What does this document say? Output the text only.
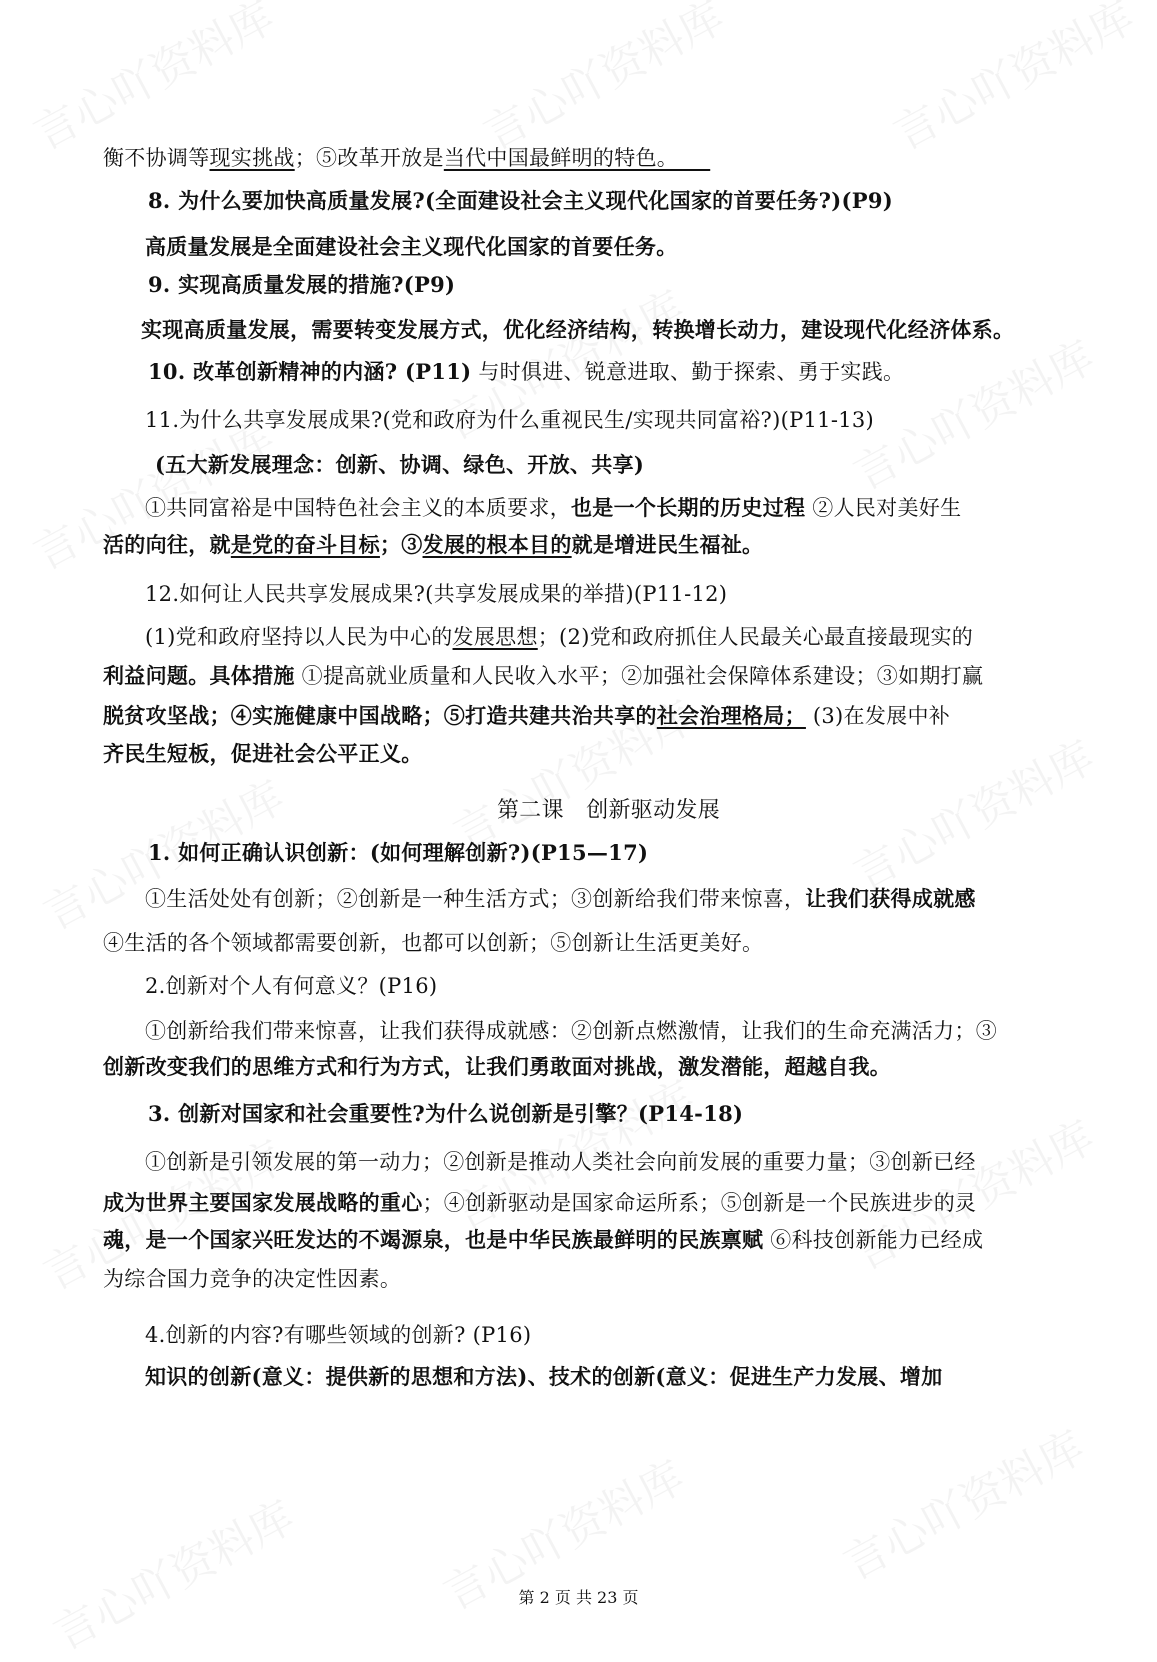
衡不协调等现实挑战；⑤改革开放是当代中国最鲜明的特色。　　
8. 为什么要加快高质量发展?(全面建设社会主义现代化国家的首要任务?)(P9)
高质量发展是全面建设社会主义现代化国家的首要任务。
9. 实现高质量发展的措施?(P9)
实现高质量发展，需要转变发展方式，优化经济结构，转换增长动力，建设现代化经济体系。
10. 改革创新精神的内涵? (P11) 与时俱进、锐意进取、勤于探索、勇于实践。
11.为什么共享发展成果?(党和政府为什么重视民生/实现共同富裕?)(P11-13)
(五大新发展理念：创新、协调、绿色、开放、共享)
①共同富裕是中国特色社会主义的本质要求，也是一个长期的历史过程 ②人民对美好生
活的向往，就是党的奋斗目标；③发展的根本目的就是增进民生福祉。
12.如何让人民共享发展成果?(共享发展成果的举措)(P11-12)
(1)党和政府坚持以人民为中心的发展思想；(2)党和政府抓住人民最关心最直接最现实的
利益问题。具体措施 ①提高就业质量和人民收入水平；②加强社会保障体系建设；③如期打赢
脱贫攻坚战；④实施健康中国战略；⑤打造共建共治共享的社会治理格局； (3)在发展中补
齐民生短板，促进社会公平正义。
第二课　创新驱动发展
1. 如何正确认识创新：(如何理解创新?)(P15—17)
①生活处处有创新；②创新是一种生活方式；③创新给我们带来惊喜，让我们获得成就感
④生活的各个领域都需要创新，也都可以创新；⑤创新让生活更美好。
2.创新对个人有何意义？(P16)
①创新给我们带来惊喜，让我们获得成就感：②创新点燃激情，让我们的生命充满活力；③
创新改变我们的思维方式和行为方式，让我们勇敢面对挑战，激发潜能，超越自我。
3. 创新对国家和社会重要性?为什么说创新是引擎？(P14-18)
①创新是引领发展的第一动力；②创新是推动人类社会向前发展的重要力量；③创新已经
成为世界主要国家发展战略的重心；④创新驱动是国家命运所系；⑤创新是一个民族进步的灵
魂，是一个国家兴旺发达的不竭源泉，也是中华民族最鲜明的民族禀赋 ⑥科技创新能力已经成
为综合国力竞争的决定性因素。
4.创新的内容?有哪些领域的创新? (P16)
知识的创新(意义：提供新的思想和方法)、技术的创新(意义：促进生产力发展、增加
第 2 页 共 23 页
